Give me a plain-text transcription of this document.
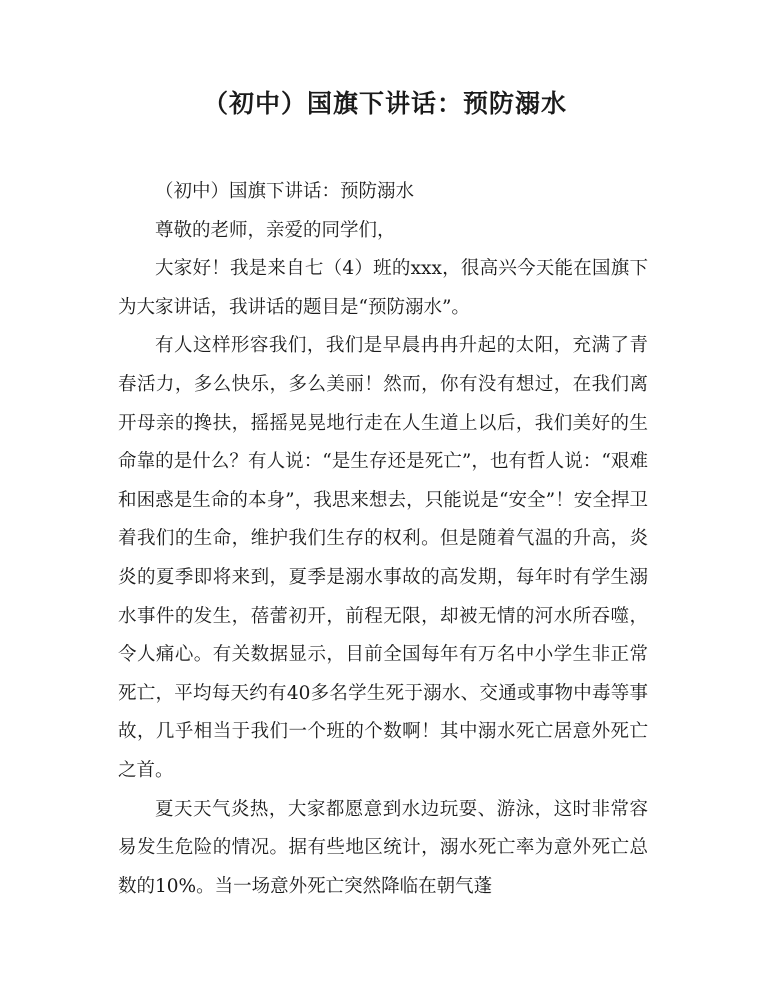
（初中）国旗下讲话：预防溺水

（初中）国旗下讲话：预防溺水

尊敬的老师，亲爱的同学们，

大家好！我是来自七（4）班的xxx，很高兴今天能在国旗下为大家讲话，我讲话的题目是“预防溺水”。

有人这样形容我们，我们是早晨冉冉升起的太阳，充满了青春活力，多么快乐，多么美丽！然而，你有没有想过，在我们离开母亲的搀扶，摇摇晃晃地行走在人生道上以后，我们美好的生命靠的是什么？有人说：“是生存还是死亡”，也有哲人说：“艰难和困惑是生命的本身”，我思来想去，只能说是“安全”！安全捍卫着我们的生命，维护我们生存的权利。但是随着气温的升高，炎炎的夏季即将来到，夏季是溺水事故的高发期，每年时有学生溺水事件的发生，蓓蕾初开，前程无限，却被无情的河水所吞噬，令人痛心。有关数据显示，目前全国每年有万名中小学生非正常死亡，平均每天约有40多名学生死于溺水、交通或事物中毒等事故，几乎相当于我们一个班的个数啊！其中溺水死亡居意外死亡之首。

夏天天气炎热，大家都愿意到水边玩耍、游泳，这时非常容易发生危险的情况。据有些地区统计，溺水死亡率为意外死亡总数的10%。当一场意外死亡突然降临在朝气蓬
